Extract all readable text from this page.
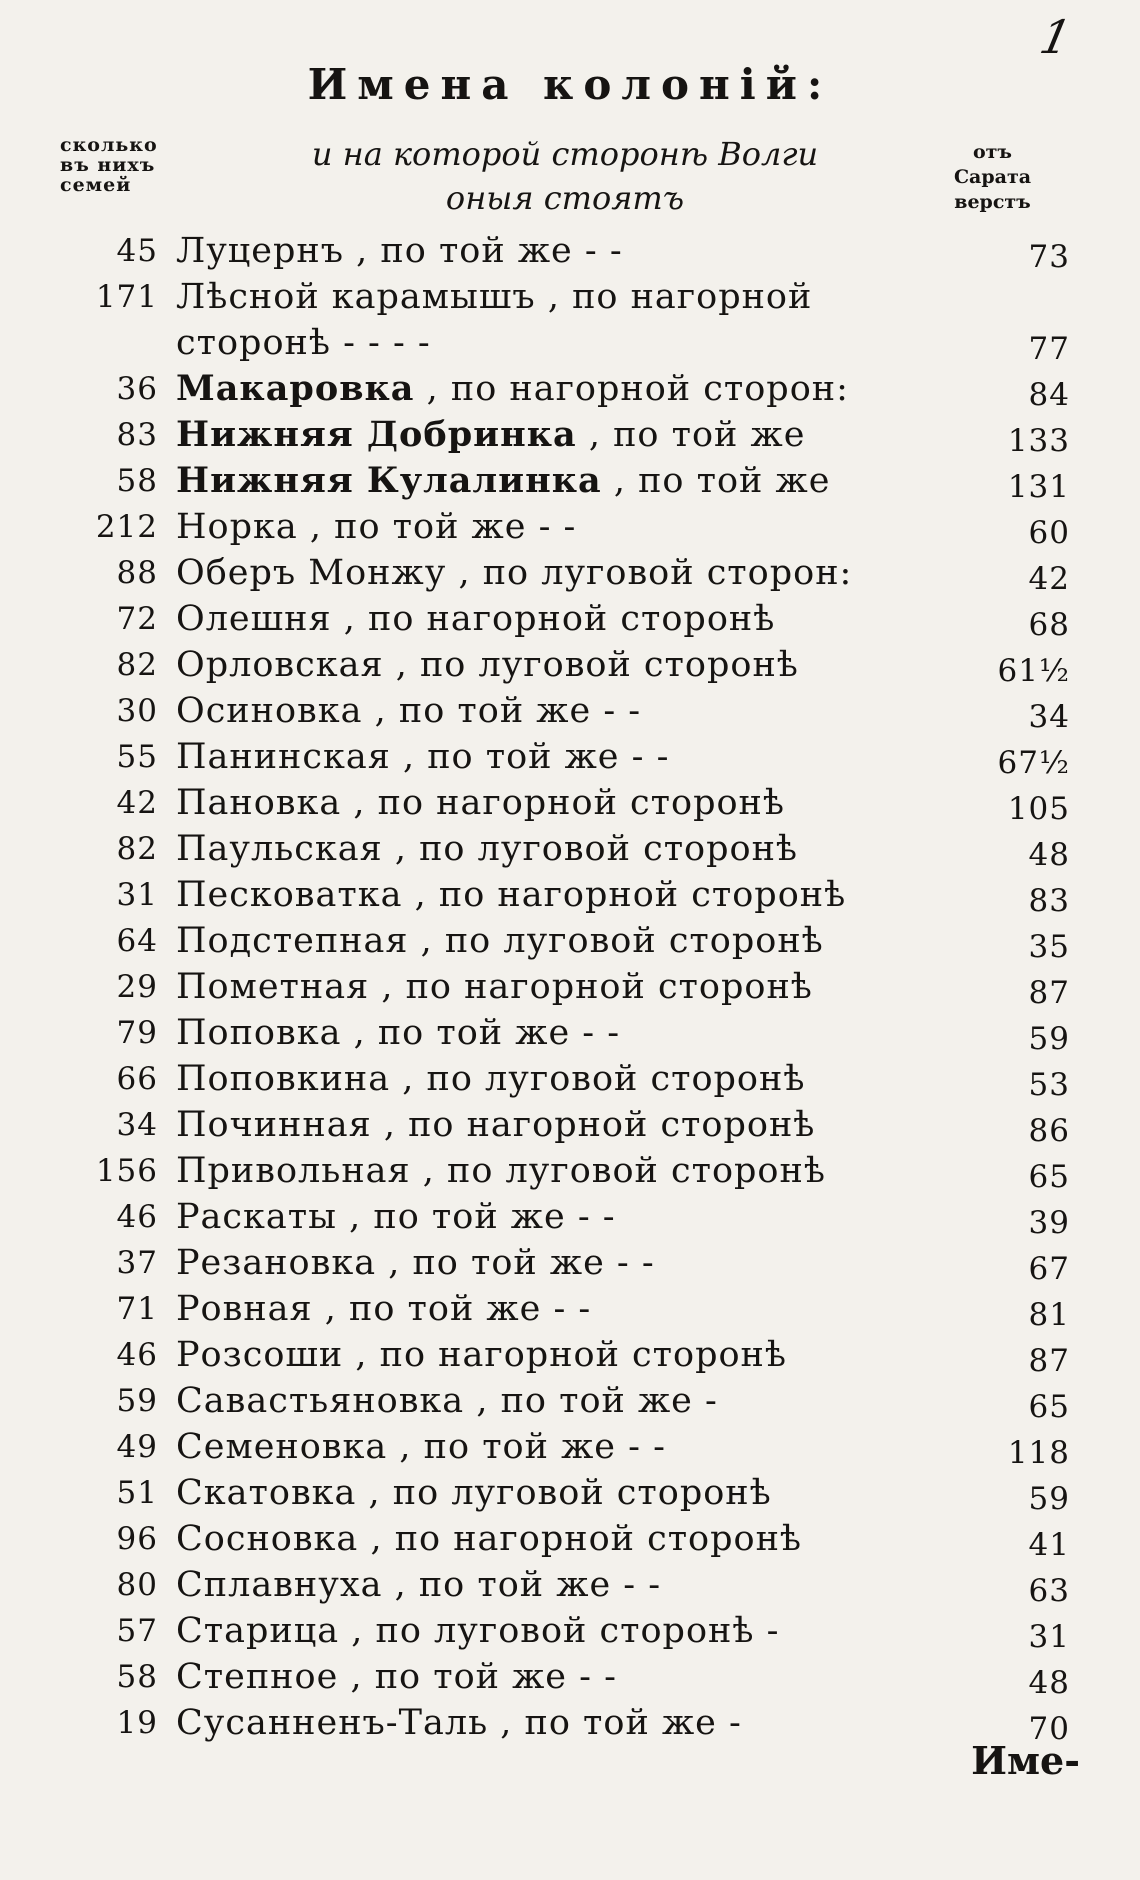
1
Имена колоній:
сколько
въ нихъ
семей
и на которой сторонѣ Волги
оныя стоятъ
отъ
Сарата
верстъ
45 Луцернъ , по той же - -	73
171 Лѣсной карамышъ , по нагорной сторонѣ - - - -	77
36 Макаровка , по нагорной сторон:	84
83 Нижняя Добринка , по той же	133
58 Нижняя Кулалинка , по той же	131
212 Норка , по той же - -	60
88 Оберъ Монжу , по луговой сторон:	42
72 Олешня , по нагорной сторонѣ	68
82 Орловская , по луговой сторонѣ	61½
30 Осиновка , по той же - -	34
55 Панинская , по той же - -	67½
42 Пановка , по нагорной сторонѣ	105
82 Паульская , по луговой сторонѣ	48
31 Песковатка , по нагорной сторонѣ	83
64 Подстепная , по луговой сторонѣ	35
29 Пометная , по нагорной сторонѣ	87
79 Поповка , по той же - -	59
66 Поповкина , по луговой сторонѣ	53
34 Починная , по нагорной сторонѣ	86
156 Привольная , по луговой сторонѣ	65
46 Раскаты , по той же - -	39
37 Резановка , по той же - -	67
71 Ровная , по той же - -	81
46 Розсоши , по нагорной сторонѣ	87
59 Савастьяновка , по той же -	65
49 Семеновка , по той же - -	118
51 Скатовка , по луговой сторонѣ	59
96 Сосновка , по нагорной сторонѣ	41
80 Сплавнуха , по той же - -	63
57 Старица , по луговой сторонѣ -	31
58 Степное , по той же - -	48
19 Сусанненъ-Таль , по той же -	70
Име-
